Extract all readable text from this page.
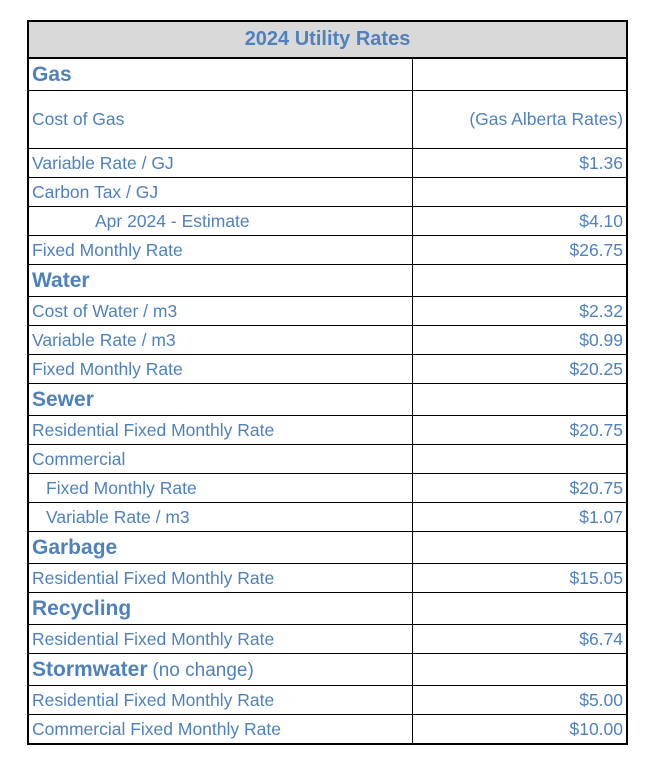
2024 Utility Rates	
Gas	
Cost of Gas	(Gas Alberta Rates)
Variable Rate / GJ	$1.36
Carbon Tax / GJ	
Apr 2024 - Estimate	$4.10
Fixed Monthly Rate	$26.75
Water	
Cost of Water / m3	$2.32
Variable Rate / m3	$0.99
Fixed Monthly Rate	$20.25
Sewer	
Residential Fixed Monthly Rate	$20.75
Commercial	
Fixed Monthly Rate	$20.75
Variable Rate / m3	$1.07
Garbage	
Residential Fixed Monthly Rate	$15.05
Recycling	
Residential Fixed Monthly Rate	$6.74
Stormwater (no change)	
Residential Fixed Monthly Rate	$5.00
Commercial Fixed Monthly Rate	$10.00
